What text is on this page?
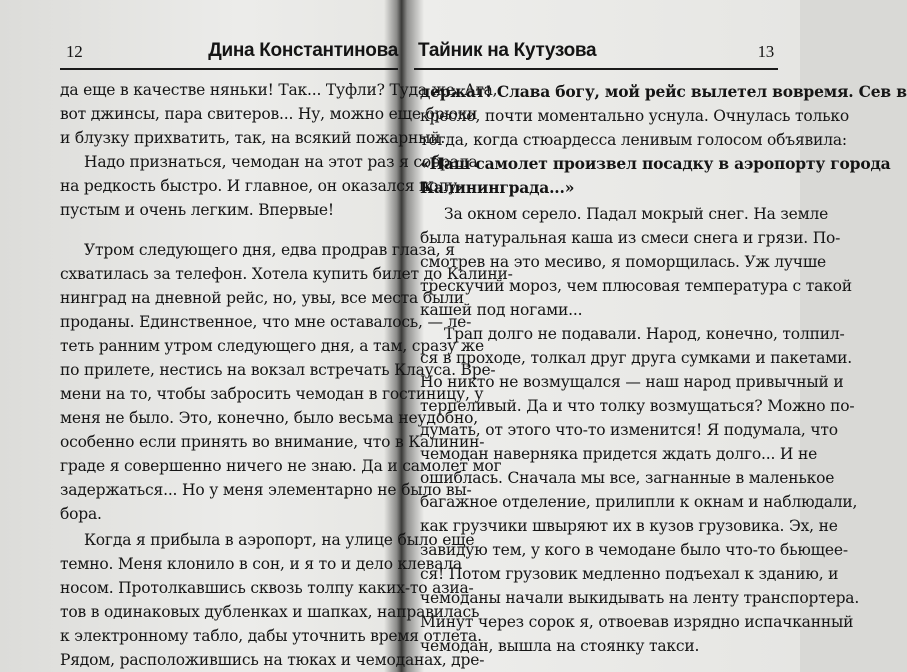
12	Дина Константинова
да еще в качестве няньки! Так... Туфли? Туда же. Ага,
вот джинсы, пара свитеров... Ну, можно еще брюки
и блузку прихватить, так, на всякий пожарный.
Надо признаться, чемодан на этот раз я собрала
на редкость быстро. И главное, он оказался полу-
пустым и очень легким. Впервые!
Утром следующего дня, едва продрав глаза, я
схватилась за телефон. Хотела купить билет до Калини-
нинград на дневной рейс, но, увы, все места были
проданы. Единственное, что мне оставалось, — ле-
теть ранним утром следующего дня, а там, сразу же
по прилете, нестись на вокзал встречать Клауса. Вре-
мени на то, чтобы забросить чемодан в гостиницу, у
меня не было. Это, конечно, было весьма неудобно,
особенно если принять во внимание, что в Калинин-
граде я совершенно ничего не знаю. Да и самолет мог
задержаться... Но у меня элементарно не было вы-
бора.
Когда я прибыла в аэропорт, на улице было еще
темно. Меня клонило в сон, и я то и дело клевала
носом. Протолкавшись сквозь толпу каких-то азиа-
тов в одинаковых дубленках и шапках, направилась
к электронному табло, дабы уточнить время отлета.
Рядом, расположившись на тюках и чемоданах, дре-
Тайник на Кутузова	13
держат! Слава богу, мой рейс вылетел вовремя. Сев в
кресло, почти моментально уснула. Очнулась только
тогда, когда стюардесса ленивым голосом объявила:
«Наш самолет произвел посадку в аэропорту города
Калининграда...»
За окном серело. Падал мокрый снег. На земле
была натуральная каша из смеси снега и грязи. По-
смотрев на это месиво, я поморщилась. Уж лучше
трескучий мороз, чем плюсовая температура с такой
кашей под ногами...
Трап долго не подавали. Народ, конечно, толпил-
ся в проходе, толкал друг друга сумками и пакетами.
Но никто не возмущался — наш народ привычный и
терпеливый. Да и что толку возмущаться? Можно по-
думать, от этого что-то изменится! Я подумала, что
чемодан наверняка придется ждать долго... И не
ошиблась. Сначала мы все, загнанные в маленькое
багажное отделение, прилипли к окнам и наблюдали,
как грузчики швыряют их в кузов грузовика. Эх, не
завидую тем, у кого в чемодане было что-то бьющее-
ся! Потом грузовик медленно подъехал к зданию, и
чемоданы начали выкидывать на ленту транспортера.
Минут через сорок я, отвоевав изрядно испачканный
чемодан, вышла на стоянку такси.
